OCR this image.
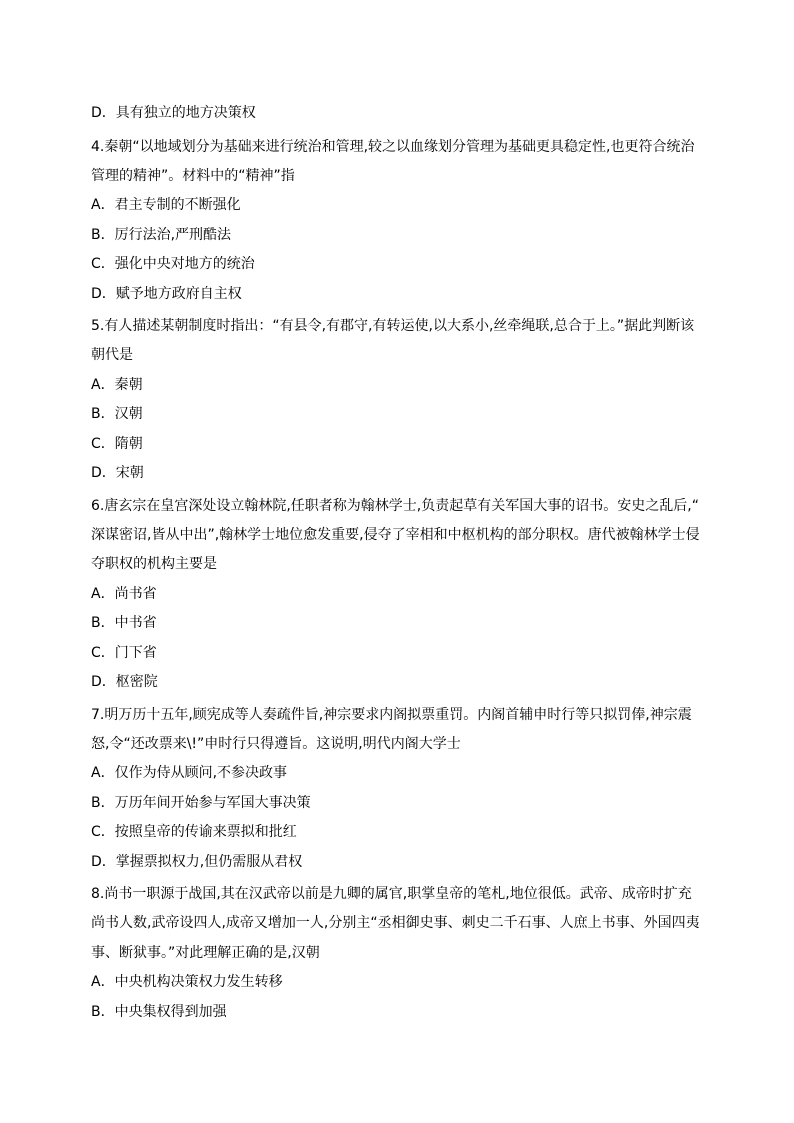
D．具有独立的地方决策权
4.秦朝“以地域划分为基础来进行统治和管理,较之以血缘划分管理为基础更具稳定性,也更符合统治
管理的精神”。材料中的“精神”指
A．君主专制的不断强化
B．厉行法治,严刑酷法
C．强化中央对地方的统治
D．赋予地方政府自主权
5.有人描述某朝制度时指出：“有县令,有郡守,有转运使,以大系小,丝牵绳联,总合于上。”据此判断该
朝代是
A．秦朝
B．汉朝
C．隋朝
D．宋朝
6.唐玄宗在皇宫深处设立翰林院,任职者称为翰林学士,负责起草有关军国大事的诏书。安史之乱后,“
深谋密诏,皆从中出”,翰林学士地位愈发重要,侵夺了宰相和中枢机构的部分职权。唐代被翰林学士侵
夺职权的机构主要是
A．尚书省
B．中书省
C．门下省
D．枢密院
7.明万历十五年,顾宪成等人奏疏件旨,神宗要求内阁拟票重罚。内阁首辅申时行等只拟罚俸,神宗震
怒,令“还改票来\!”申时行只得遵旨。这说明,明代内阁大学士
A．仅作为侍从顾问,不参决政事
B．万历年间开始参与军国大事决策
C．按照皇帝的传谕来票拟和批红
D．掌握票拟权力,但仍需服从君权
8.尚书一职源于战国,其在汉武帝以前是九卿的属官,职掌皇帝的笔札,地位很低。武帝、成帝时扩充
尚书人数,武帝设四人,成帝又增加一人,分别主“丞相御史事、刺史二千石事、人庶上书事、外国四夷
事、断狱事。”对此理解正确的是,汉朝
A．中央机构决策权力发生转移
B．中央集权得到加强
